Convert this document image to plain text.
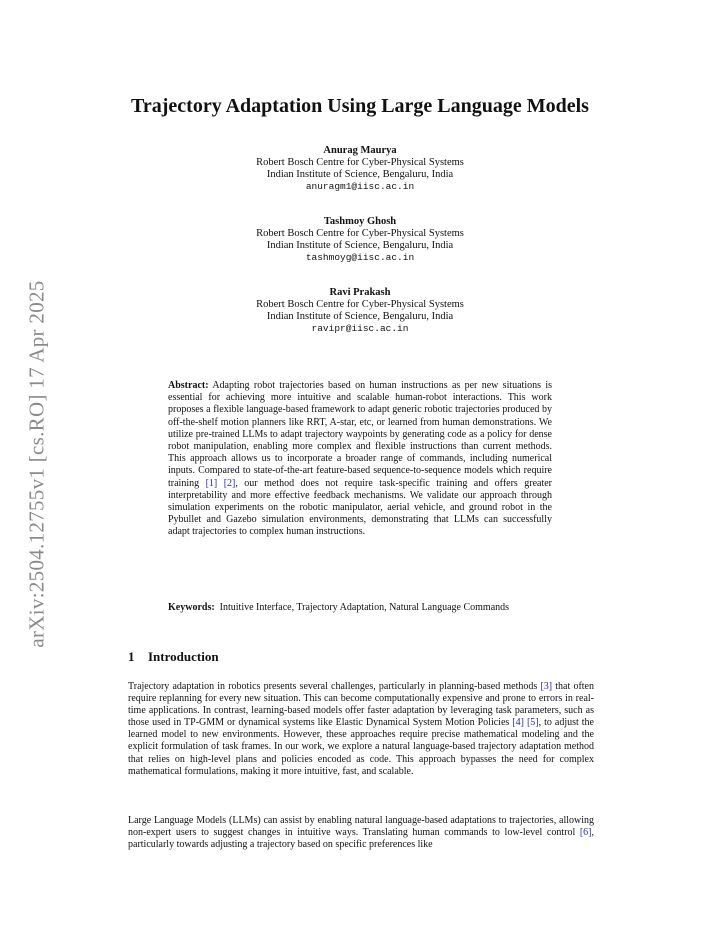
arXiv:2504.12755v1 [cs.RO] 17 Apr 2025
Trajectory Adaptation Using Large Language Models
Anurag Maurya
Robert Bosch Centre for Cyber-Physical Systems
Indian Institute of Science, Bengaluru, India
anuragm1@iisc.ac.in
Tashmoy Ghosh
Robert Bosch Centre for Cyber-Physical Systems
Indian Institute of Science, Bengaluru, India
tashmoyg@iisc.ac.in
Ravi Prakash
Robert Bosch Centre for Cyber-Physical Systems
Indian Institute of Science, Bengaluru, India
ravipr@iisc.ac.in

Abstract: Adapting robot trajectories based on human instructions as per new situations is essential for achieving more intuitive and scalable human-robot interactions. This work proposes a flexible language-based framework to adapt generic robotic trajectories produced by off-the-shelf motion planners like RRT, A-star, etc, or learned from human demonstrations. We utilize pre-trained LLMs to adapt trajectory waypoints by generating code as a policy for dense robot manipulation, enabling more complex and flexible instructions than current methods. This approach allows us to incorporate a broader range of commands, including numerical inputs. Compared to state-of-the-art feature-based sequence-to-sequence models which require training [1] [2], our method does not require task-specific training and offers greater interpretability and more effective feedback mechanisms. We validate our approach through simulation experiments on the robotic manipulator, aerial vehicle, and ground robot in the Pybullet and Gazebo simulation environments, demonstrating that LLMs can successfully adapt trajectories to complex human instructions.

Keywords: Intuitive Interface, Trajectory Adaptation, Natural Language Commands

1 Introduction

Trajectory adaptation in robotics presents several challenges, particularly in planning-based methods [3] that often require replanning for every new situation. This can become computationally expensive and prone to errors in real-time applications. In contrast, learning-based models offer faster adaptation by leveraging task parameters, such as those used in TP-GMM or dynamical systems like Elastic Dynamical System Motion Policies [4] [5], to adjust the learned model to new environments. However, these approaches require precise mathematical modeling and the explicit formulation of task frames. In our work, we explore a natural language-based trajectory adaptation method that relies on high-level plans and policies encoded as code. This approach bypasses the need for complex mathematical formulations, making it more intuitive, fast, and scalable.

Large Language Models (LLMs) can assist by enabling natural language-based adaptations to trajectories, allowing non-expert users to suggest changes in intuitive ways. Translating human commands to low-level control [6], particularly towards adjusting a trajectory based on specific preferences like
